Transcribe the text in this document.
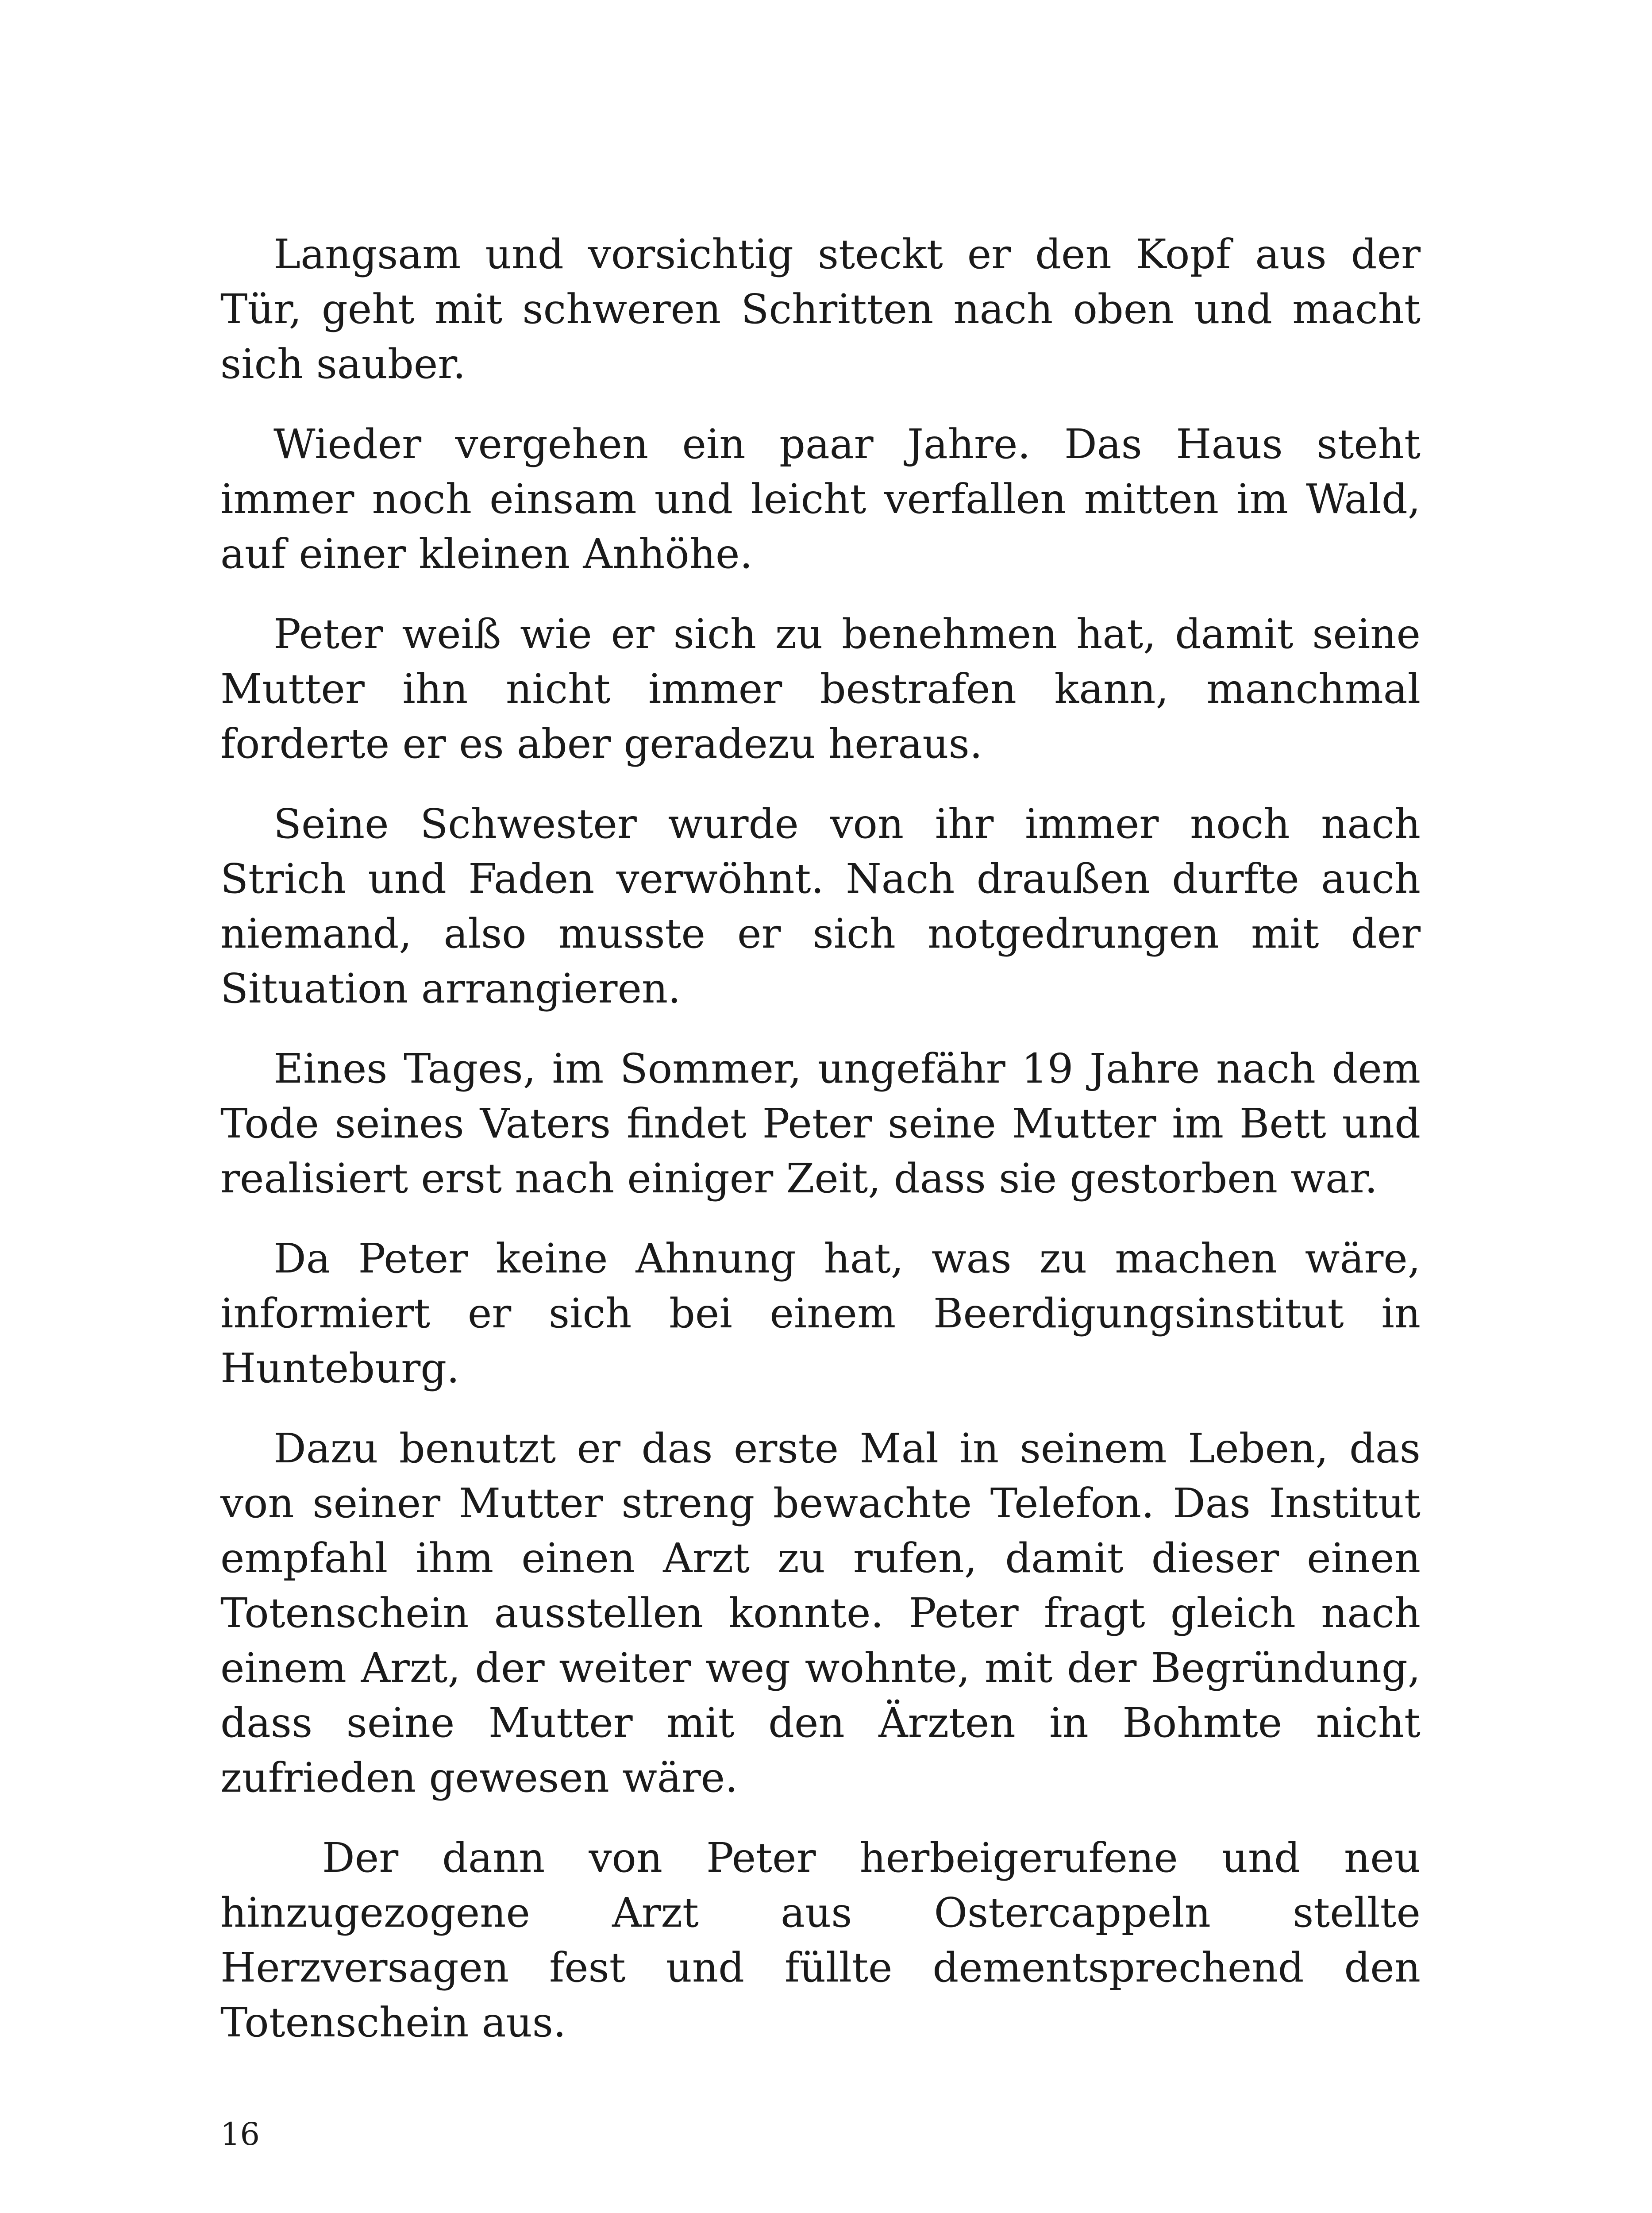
Langsam und vorsichtig steckt er den Kopf aus der Tür, geht mit schweren Schritten nach oben und macht sich sauber.

Wieder vergehen ein paar Jahre. Das Haus steht immer noch einsam und leicht verfallen mitten im Wald, auf einer kleinen Anhöhe.

Peter weiß wie er sich zu benehmen hat, damit seine Mutter ihn nicht immer bestrafen kann, manchmal forderte er es aber geradezu heraus.

Seine Schwester wurde von ihr immer noch nach Strich und Faden verwöhnt. Nach draußen durfte auch niemand, also musste er sich notgedrungen mit der Situation arrangieren.

Eines Tages, im Sommer, ungefähr 19 Jahre nach dem Tode seines Vaters findet Peter seine Mutter im Bett und realisiert erst nach einiger Zeit, dass sie gestorben war.

Da Peter keine Ahnung hat, was zu machen wäre, informiert er sich bei einem Beerdigungsinstitut in Hunteburg.

Dazu benutzt er das erste Mal in seinem Leben, das von seiner Mutter streng bewachte Telefon. Das Institut empfahl ihm einen Arzt zu rufen, damit dieser einen Totenschein ausstellen konnte. Peter fragt gleich nach einem Arzt, der weiter weg wohnte, mit der Begründung, dass seine Mutter mit den Ärzten in Bohmte nicht zufrieden gewesen wäre.

Der dann von Peter herbeigerufene und neu hinzugezogene Arzt aus Ostercappeln stellte Herzversagen fest und füllte dementsprechend den Totenschein aus.

16
